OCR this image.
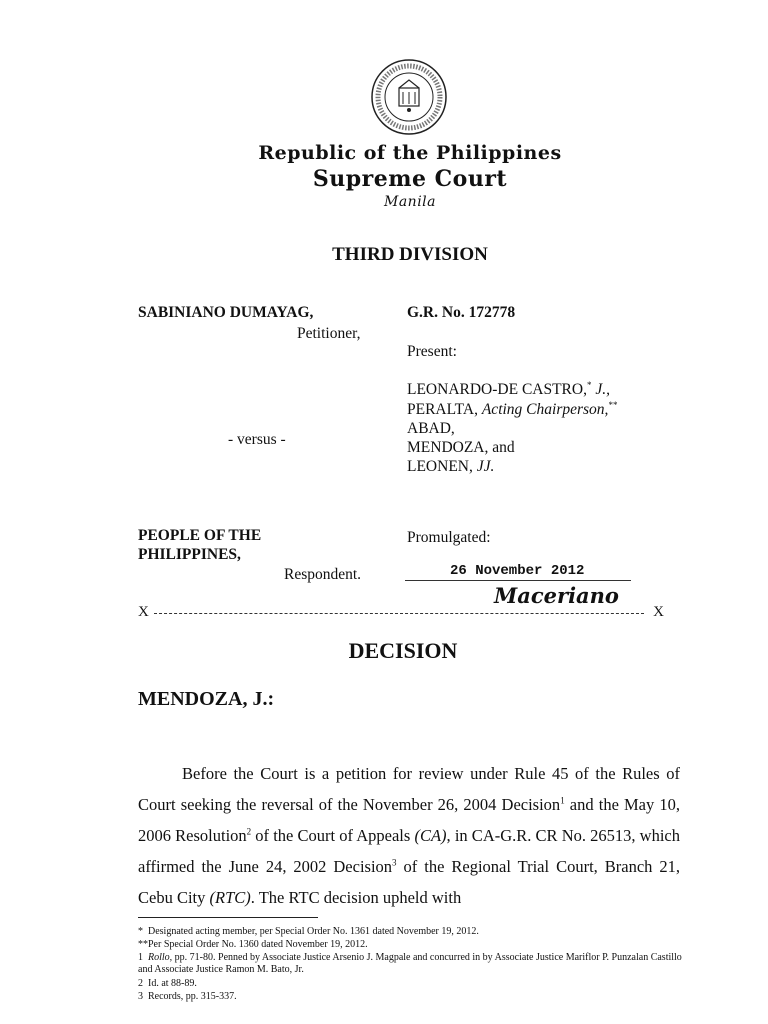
Republic of the Philippines
Supreme Court
Manila
THIRD DIVISION
SABINIANO DUMAYAG,
Petitioner,
- versus -
PEOPLE OF THE
PHILIPPINES,
Respondent.
G.R. No. 172778
Present:
LEONARDO-DE CASTRO,* J.,
PERALTA, Acting Chairperson,**
ABAD,
MENDOZA, and
LEONEN, JJ.
Promulgated:
26 November 2012
Maceriano
X	X
DECISION
MENDOZA, J.:

Before the Court is a petition for review under Rule 45 of the Rules of Court seeking the reversal of the November 26, 2004 Decision$^1$ and the May 10, 2006 Resolution$^2$ of the Court of Appeals (CA), in CA-G.R. CR No. 26513, which affirmed the June 24, 2002 Decision$^3$ of the Regional Trial Court, Branch 21, Cebu City (RTC). The RTC decision upheld with

* Designated acting member, per Special Order No. 1361 dated November 19, 2012.
**Per Special Order No. 1360 dated November 19, 2012.
1 Rollo, pp. 71-80. Penned by Associate Justice Arsenio J. Magpale and concurred in by Associate Justice Mariflor P. Punzalan Castillo and Associate Justice Ramon M. Bato, Jr.
2 Id. at 88-89.
3 Records, pp. 315-337.
